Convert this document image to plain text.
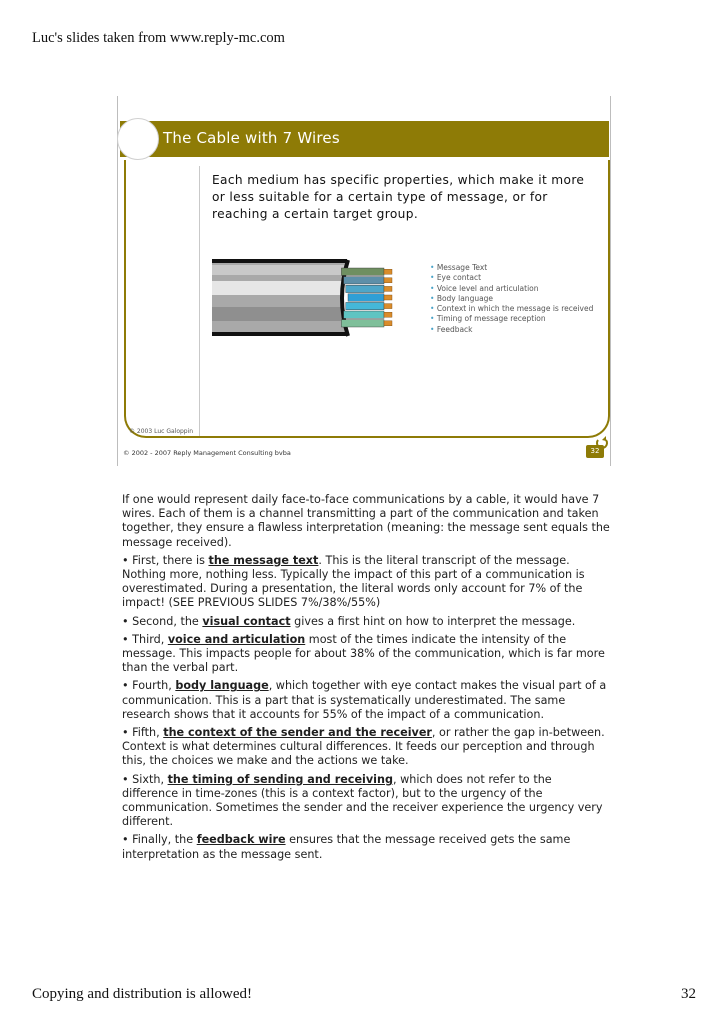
Luc's slides taken from www.reply-mc.com
The Cable with 7 Wires
Each medium has specific properties, which make it more or less suitable for a certain type of message, or for reaching a certain target group.
• Message Text
• Eye contact
• Voice level and articulation
• Body language
• Context in which the message is received
• Timing of message reception
• Feedback
© 2003 Luc Galoppin
© 2002 - 2007 Reply Management Consulting bvba	32

If one would represent daily face-to-face communications by a cable, it would have 7 wires. Each of them is a channel transmitting a part of the communication and taken together, they ensure a flawless interpretation (meaning: the message sent equals the message received).

• First, there is the message text. This is the literal transcript of the message. Nothing more, nothing less. Typically the impact of this part of a communication is overestimated. During a presentation, the literal words only account for 7% of the impact! (SEE PREVIOUS SLIDES 7%/38%/55%)

• Second, the visual contact gives a first hint on how to interpret the message.

• Third, voice and articulation most of the times indicate the intensity of the message. This impacts people for about 38% of the communication, which is far more than the verbal part.

• Fourth, body language, which together with eye contact makes the visual part of a communication. This is a part that is systematically underestimated. The same research shows that it accounts for 55% of the impact of a communication.

• Fifth, the context of the sender and the receiver, or rather the gap in-between. Context is what determines cultural differences. It feeds our perception and through this, the choices we make and the actions we take.

• Sixth, the timing of sending and receiving, which does not refer to the difference in time-zones (this is a context factor), but to the urgency of the communication. Sometimes the sender and the receiver experience the urgency very different.

• Finally, the feedback wire ensures that the message received gets the same interpretation as the message sent.

Copying and distribution is allowed!	32
